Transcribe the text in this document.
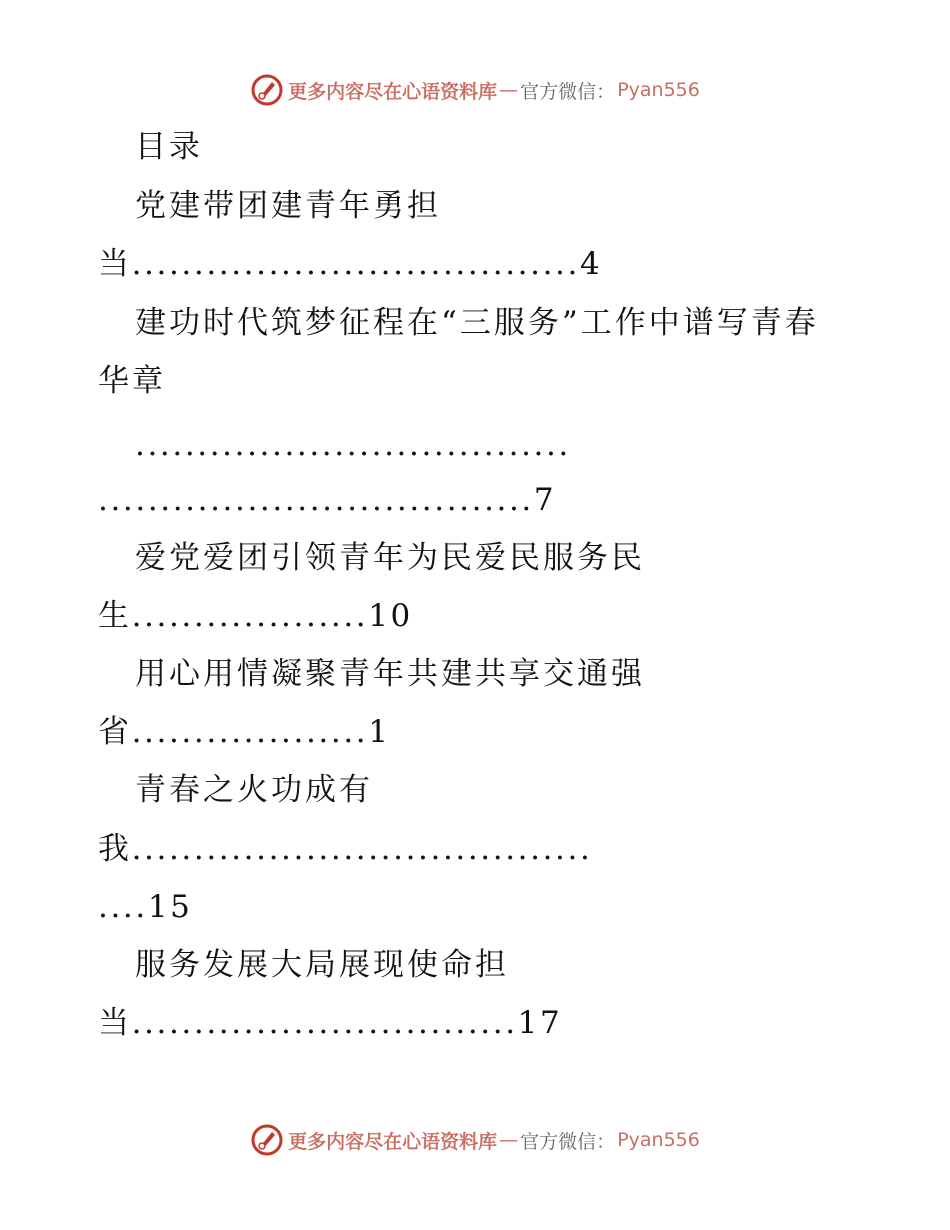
更多内容尽在心语资料库 — 官方微信： Pyan556
目录
党建带团建青年勇担
当....................................4
建功时代筑梦征程在“三服务”工作中谱写青春
华章
...................................
...................................7
爱党爱团引领青年为民爱民服务民
生...................10
用心用情凝聚青年共建共享交通强
省...................1
青春之火功成有
我.....................................
....15
服务发展大局展现使命担
当...............................17
更多内容尽在心语资料库 — 官方微信： Pyan556
